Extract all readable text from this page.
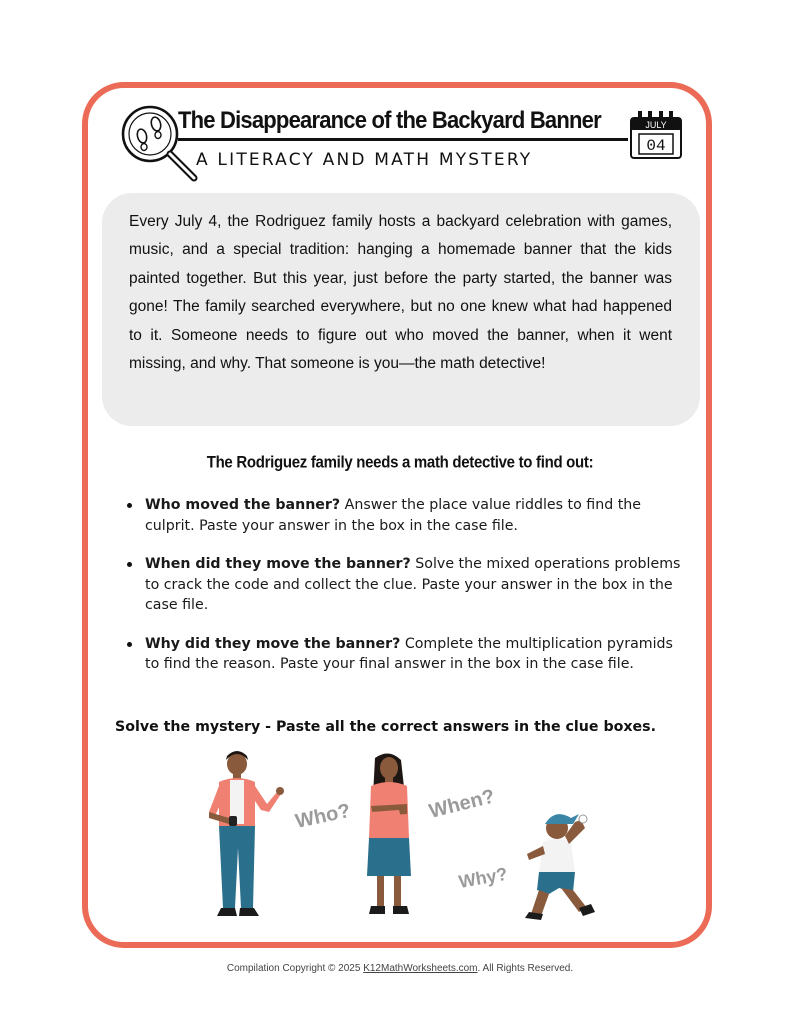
The Disappearance of the Backyard Banner
A LITERACY AND MATH MYSTERY
JULY
04

Every July 4, the Rodriguez family hosts a backyard celebration with games, music, and a special tradition: hanging a homemade banner that the kids painted together. But this year, just before the party started, the banner was gone! The family searched everywhere, but no one knew what had happened to it. Someone needs to figure out who moved the banner, when it went missing, and why. That someone is you—the math detective!

The Rodriguez family needs a math detective to find out:
Who moved the banner? Answer the place value riddles to find the culprit. Paste your answer in the box in the case file.
When did they move the banner? Solve the mixed operations problems to crack the code and collect the clue. Paste your answer in the box in the case file.
Why did they move the banner? Complete the multiplication pyramids to find the reason. Paste your final answer in the box in the case file.
Solve the mystery - Paste all the correct answers in the clue boxes.
Who?	When?
Why?
Compilation Copyright © 2025 K12MathWorksheets.com. All Rights Reserved.
